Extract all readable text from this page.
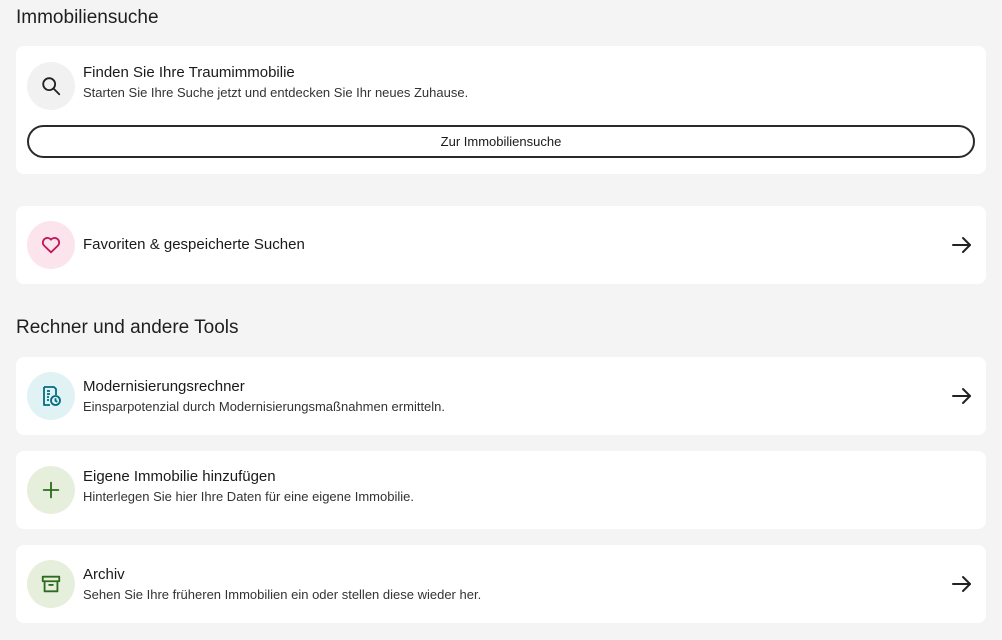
Immobiliensuche
Finden Sie Ihre Traumimmobilie
Starten Sie Ihre Suche jetzt und entdecken Sie Ihr neues Zuhause.
Zur Immobiliensuche
Favoriten & gespeicherte Suchen
Rechner und andere Tools
Modernisierungsrechner
Einsparpotenzial durch Modernisierungsmaßnahmen ermitteln.
Eigene Immobilie hinzufügen
Hinterlegen Sie hier Ihre Daten für eine eigene Immobilie.
Archiv
Sehen Sie Ihre früheren Immobilien ein oder stellen diese wieder her.
